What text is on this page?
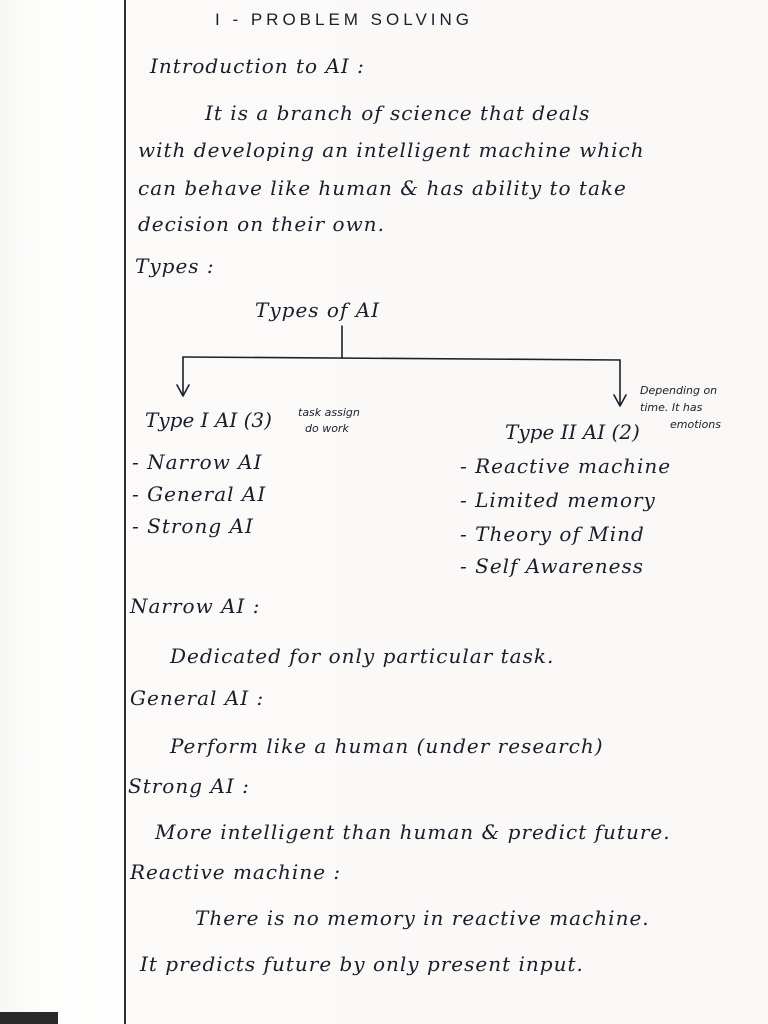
I - PROBLEM SOLVING
Introduction to AI :
It is a branch of science that deals
with developing an intelligent machine which
can behave like human & has ability to take
decision on their own.
Types :
Types of AI
Type I AI (3) task assign
do work
- Narrow AI
- General AI
- Strong AI
Depending on
time. It has
emotions
Type II AI (2)
- Reactive machine
- Limited memory
- Theory of Mind
- Self Awareness
Narrow AI :
Dedicated for only particular task.
General AI :
Perform like a human (under research)
Strong AI :
More intelligent than human & predict future.
Reactive machine :
There is no memory in reactive machine.
It predicts future by only present input.
